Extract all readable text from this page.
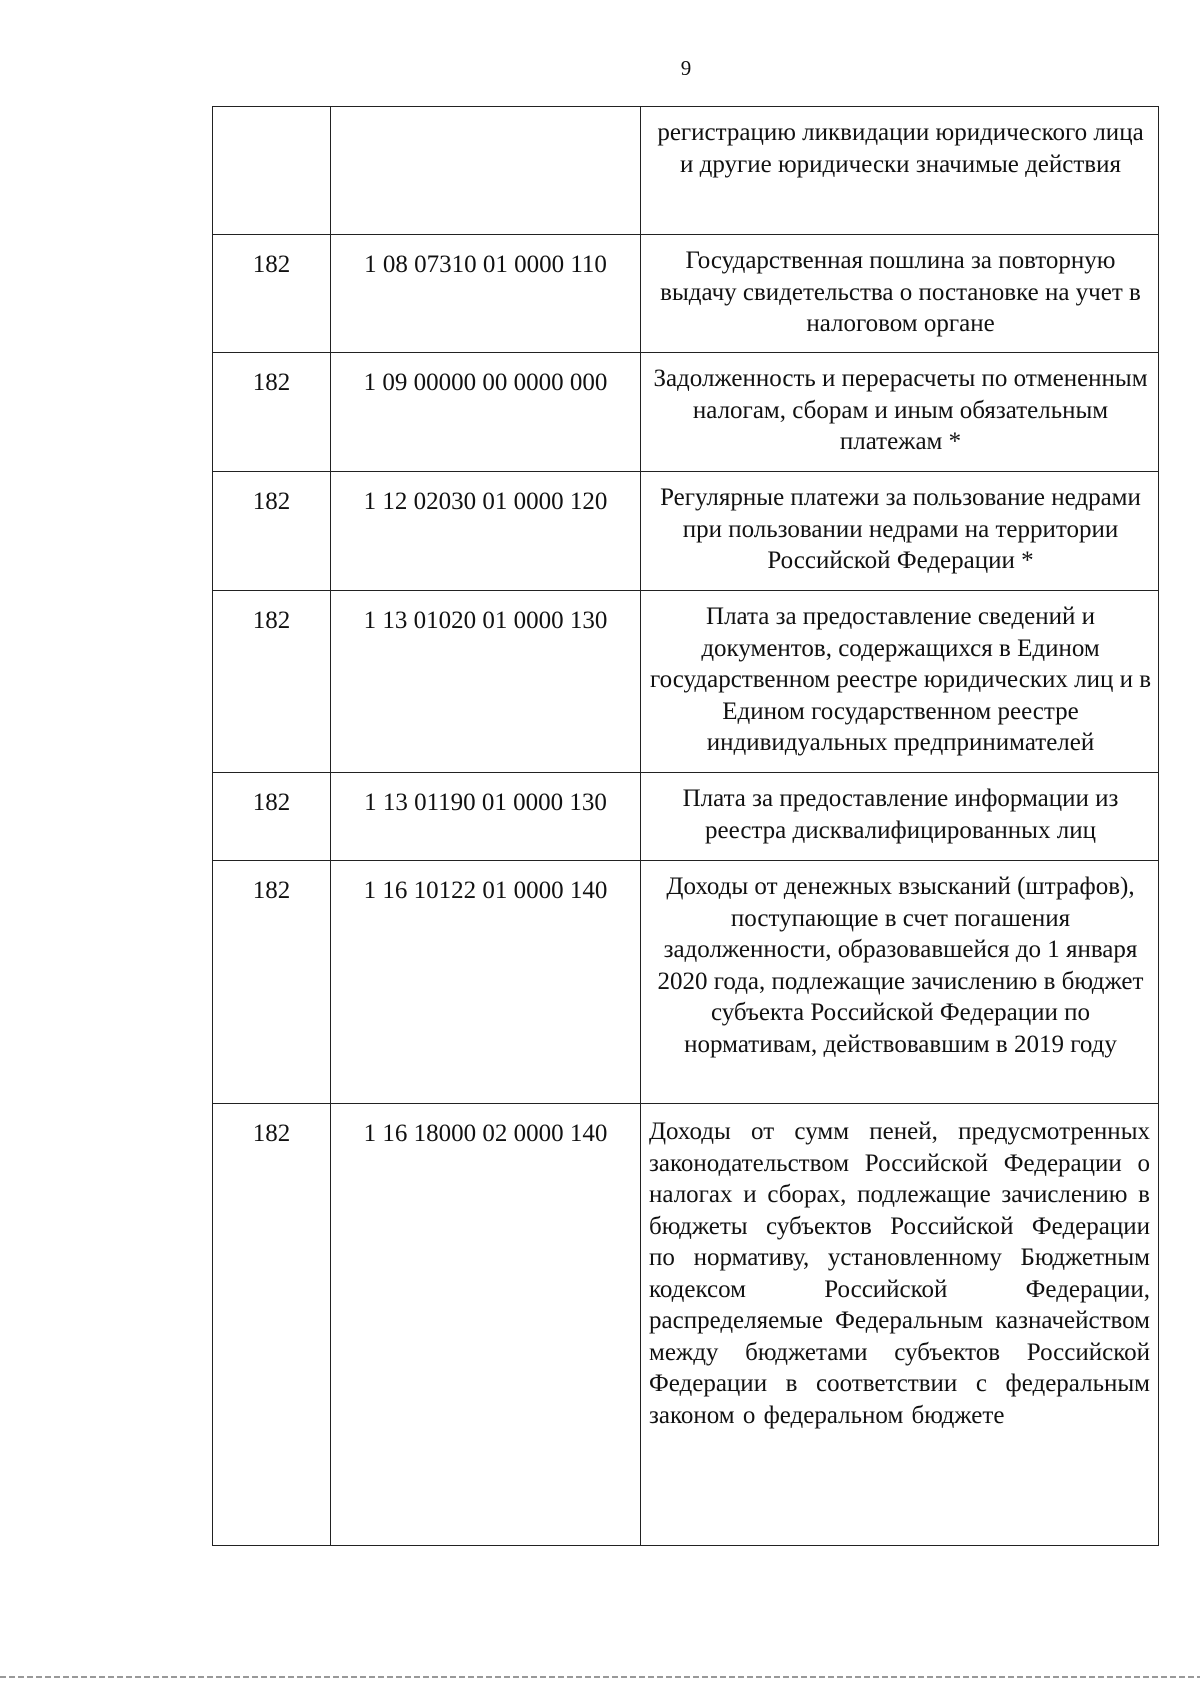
9

		регистрацию ликвидации юридического лица и другие юридически значимые действия

182	1 08 07310 01 0000 110	Государственная пошлина за повторную выдачу свидетельства о постановке на учет в налоговом органе

182	1 09 00000 00 0000 000	Задолженность и перерасчеты по отмененным налогам, сборам и иным обязательным платежам *

182	1 12 02030 01 0000 120	Регулярные платежи за пользование недрами при пользовании недрами на территории Российской Федерации *

182	1 13 01020 01 0000 130	Плата за предоставление сведений и документов, содержащихся в Едином государственном реестре юридических лиц и в Едином государственном реестре индивидуальных предпринимателей

182	1 13 01190 01 0000 130	Плата за предоставление информации из реестра дисквалифицированных лиц

182	1 16 10122 01 0000 140	Доходы от денежных взысканий (штрафов), поступающие в счет погашения задолженности, образовавшейся до 1 января 2020 года, подлежащие зачислению в бюджет субъекта Российской Федерации по нормативам, действовавшим в 2019 году

182	1 16 18000 02 0000 140	Доходы от сумм пеней, предусмотренных законодательством Российской Федерации о налогах и сборах, подлежащие зачислению в бюджеты субъектов Российской Федерации по нормативу, установленному Бюджетным кодексом Российской Федерации, распределяемые Федеральным казначейством между бюджетами субъектов Российской Федерации в соответствии с федеральным законом о федеральном бюджете
